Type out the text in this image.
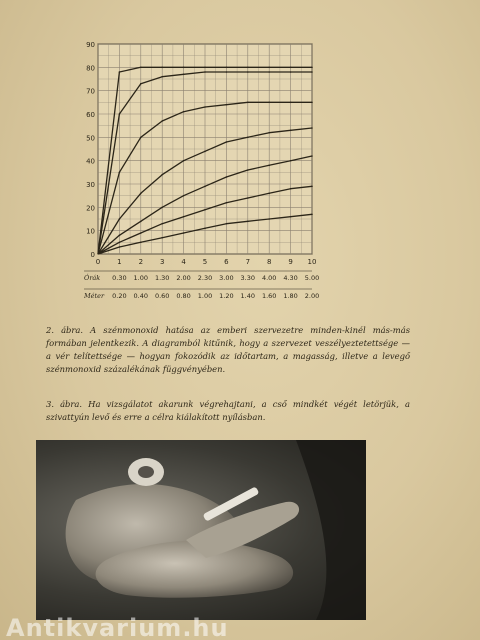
0
10
20
30
40
50
60
70
80
90
0 1 2 3 4 5 6 7 8 9 10
Órák 0.30 1.00 1.30 2.00 2.30 3.00 3.30 4.00 4.30 5.00
Méter 0.20 0.40 0.60 0.80 1.00 1.20 1.40 1.60 1.80 2.00
2. ábra. A szénmonoxid hatása az emberi szervezetre minden-kinél más-más formában jelentkezik. A diagramból kitűnik, hogy a szervezet veszélyeztetettsége — a vér telítettsége — hogyan fokozódik az időtartam, a magasság, illetve a levegő szénmonoxid százalékának függvényében.
3. ábra. Ha vizsgálatot akarunk végrehajtani, a cső mindkét végét letörjük, a szivattyún levő és erre a célra kiálakított nyílásban.
Antikvarium.hu
